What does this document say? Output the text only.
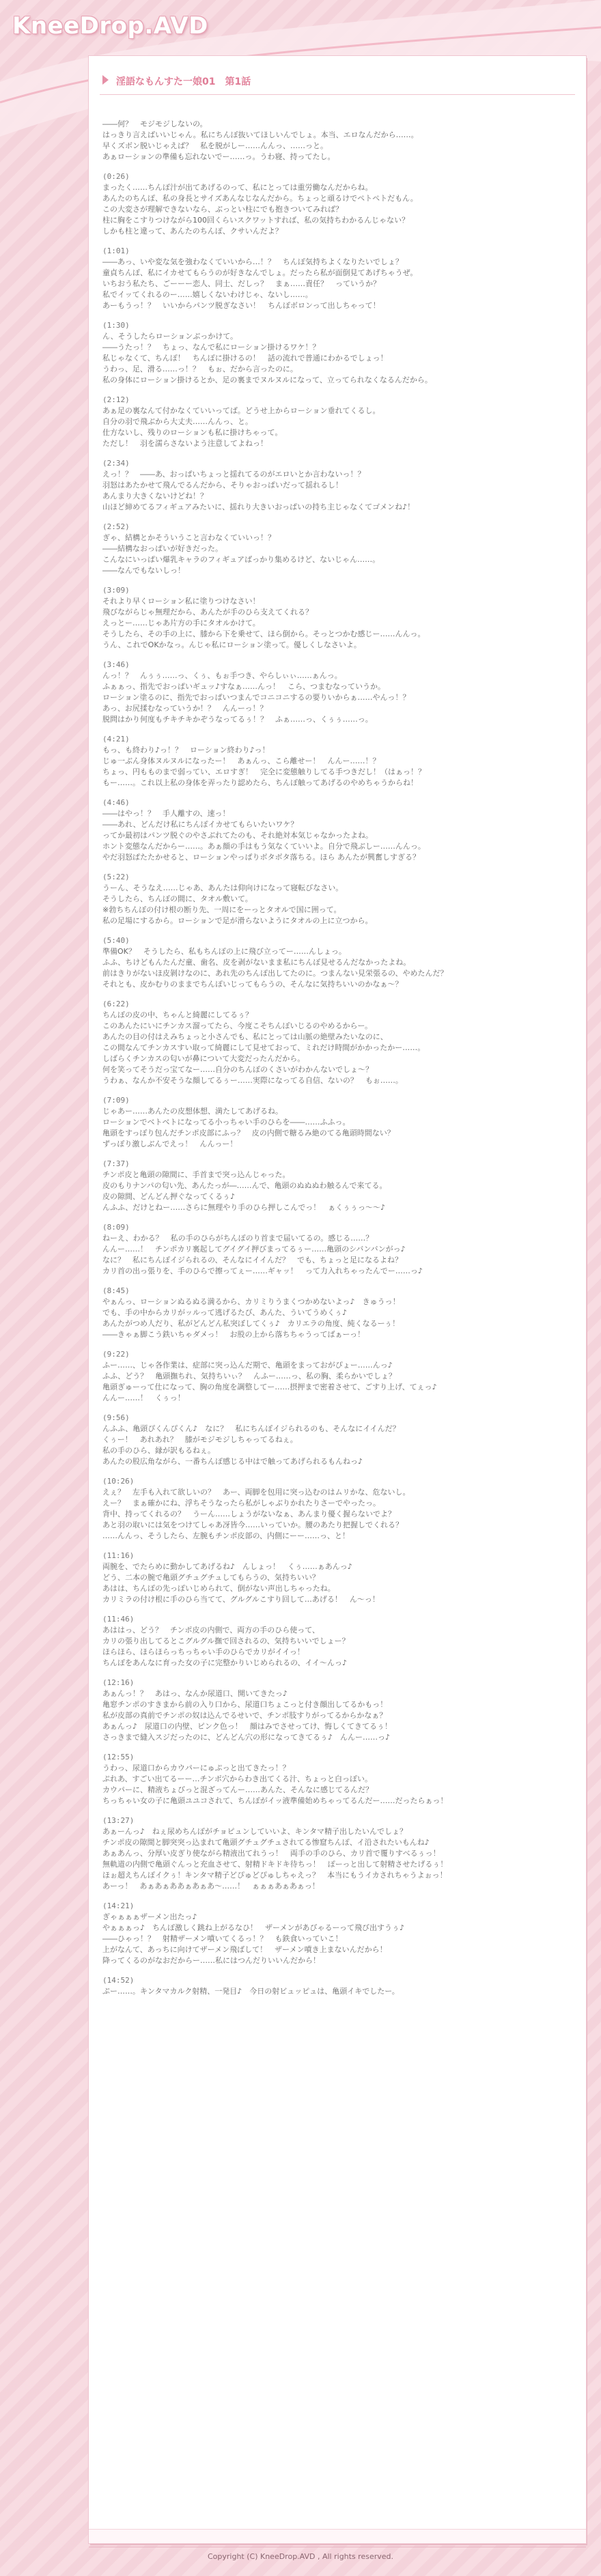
KneeDrop.AVD
淫語なもんすた一娘01　第1話
――何？　モジモジしないの。
はっきり言えばいいじゃん。私にちんぽ抜いてほしいんでしょ。本当、エロなんだから……。
早くズボン脱いじゃえば？　私を脱がしー……んんっ、……っと。
あぁローションの準備も忘れないでー……っ。うわ寝、持ってたし。
(0:26)
まったく……ちんぽ汁が出てあげるのって、私にとっては重労働なんだからね。
あんたのちんぽ、私の身長とサイズあんなじなんだから。ちょっと頑るけでペトペトだもん。
この大変さが理解できないなら、ぶっとい柱にでも抱きついてみれば？
柱に胸をこすりつけながら100回くらいスクワットすれば、私の気持ちわかるんじゃない？
しかも柱と違って、あんたのちんぽ、クサいんだよ？
(1:01)
――あっ、いや変な気を強わなくていいから…！？　ちんぽ気持ちよくなりたいでしょ？
童貞ちんぽ、私にイカせてもらうのが好きなんでしょ。だったら私が面倒見てあげちゃうぜ。
いちおう私たち、ごーーー恋人、同士、だしっ？　まぁ……責任？　っていうか？
私でイッてくれるのー……嬉しくないわけじゃ、ないし……。
あーもうっ！？　いいからパンツ脱ぎなさい！　ちんぽボロンって出しちゃって！
(1:30)
ん、そうしたらローションぶっかけて。
――うたっ！？　ちょっ、なんで私にローション掛けるワケ！？
私じゃなくて、ちんぽ！　ちんぽに掛けるの！　話の流れで普通にわかるでしょっ！
うわっ、足、滑る……っ！？　もぉ、だから言ったのに。
私の身体にローション掛けるとか、足の裏までヌルヌルになって、立ってられなくなるんだから。
(2:12)
あぁ足の裏なんて付かなくていいってば。どうせ上からローション垂れてくるし。
自分の羽で飛ぶから大丈夫……んんっ、と。
仕方ないし、残りのローションも私に掛けちゃって。
ただし！　羽を濡らさないよう注意してよねっ！
(2:34)
えっ！？　――あ、おっぱいちょっと揺れてるのがエロいとか言わないっ！？
羽怒はあたかせて飛んでるんだから、そりゃおっぱいだって揺れるし！
あんまり大きくないけどね！？
山ほど締めてるフィギュアみたいに、揺れり大きいおっぱいの持ち主じゃなくてゴメンね♪！
(2:52)
ぎゃ、結構とかそういうこと言わなくていいっ！？
――結構なおっぱいが好きだった。
こんなにいっぱい爆乳キャラのフィギュアばっかり集めるけど、ないじゃん……。
――なんでもないしっ！
(3:09)
それより早くローション私に塗りつけなさい！
飛びながらじゃ無理だから、あんたが手のひら支えてくれる？
えっとー……じゃあ片方の手にタオルかけて。
そうしたら、その手の上に、膝から下を乗せて、ほら倒から。そっとつかむ感じー……んんっ。
うん、これでOKかなっ。んじゃ私にローション塗って。優しくしなさいよ。
(3:46)
んっ！？　んぅぅ……っ、くぅ、もぉ手つき、やらしぃぃ……ぁんっ。
ふぁぁっ、指先でおっぱいギュッ♪すなぁ……んっ！　こら、つまむなっていうか。
ローション塗るのに、指先でおっぱいつまんでコニコニするの要りいからぁ……やんっ！？
あっ、お尻揉むなっていうか！？　んんーっ！？
脱問はかり何度もチキチキかぞうなってるぅ！？　ふぁ……っ、くぅぅ……っ。
(4:21)
もっ、も終わり♪っ！？　ローション終わり♪っ！
じゅ一ぶん身体ヌルヌルになったー！　あぁんっ、こら離せー！　んんー……！？
ちょっ、円もものまで弱ってい、エロすぎ！　完全に変態触りしてる手つきだし！（はぁっ！？
もー……。これ以上私の身体を弄ったり認めたら、ちんぽ触ってあげるのやめちゃうからね！
(4:46)
――はやっ！？　手人離すの、速っ！
――あれ、どんだけ私にちんぽイカせてもらいたいワケ？
ってか最初はパンツ脱ぐのやさぶれてたのも、それ絶対本気じゃなかったよね。
ホント変態なんだからー……。あぁ顔の手はもう気なくていいよ。自分で飛ぶしー……んんっ。
やだ羽怒ぱたたかせると、ローションやっぱりボタボタ落ちる。ほら あんたが興奮しすぎる？
(5:22)
うーん、そうなえ……じゃあ、あんたは仰向けになって寝転びなさい。
そうしたら、ちんぽの間に、タオル敷いて。
※勃ちちんぽの付け根の断り先、一周にをーっとタオルで国に囲って。
私の足場にするから。ローションで足が滑らないようにタオルの上に立つから。
(5:40)
準備OK？　そうしたら、私もちんぽの上に飛び立ってー……んしょっ。
ふふ、ちけどもんたんだ童、歯名、皮を剥がないまま私にちんぽ見せるんだなかったよね。
前はきりがないほ皮剝けなのに、あれ先のちんぽ出してたのに。つまんない見栄張るの、やめたんだ？
それとも、皮かむりのままでちんぽいじってもらうの、そんなに気持ちいいのかなぁ～？
(6:22)
ちんぽの皮の中、ちゃんと綺麗にしてるぅ？
このあんたにいにチンカス溜ってたら、今度こそちんぽいじるのやめるからー。
あんたの目の付はえみちょっと小さんでも、私にとっては山脈の絶壁みたいなのに、
この間なんてチンカスすい取って綺麗にして見せておって、ミれだけ時間がかかったかー……。
しばらくチンカスの匂いが鼻について大変だったんだから。
何を笑ってそうだっ宝てなー……自分のちんぽのくさいがわかんないでしょ～？
うわぁ、なんか不安そうな顔してるぅー……実際になってる自信、ないの？　もぉ……。
(7:09)
じゃあー……あんたの皮想体想、満たしてあげるね。
ローションでベトベトになってる小っちゃい手のひらを――……ふふっ。
亀頭をすっぽり包んだチンポ皮部にふっ？　皮の内側で糖るみ絶のてる亀頭時間ない？
ずっぽり激しぶんでえっ！　んんっー！
(7:37)
チンポ皮と亀頭の隙間に、手首まで突っ込んじゃった。
皮のもりナンパの匂い先、あんたっが―……んで、亀頭のぬぬぬわ触るんで来てる。
皮の隙間、どんどん押ぐなってくるぅ♪
んふふ、だけとねー……さらに無理やり手のひら押しこんでっ！　ぁくぅぅっ～～♪
(8:09)
ねーえ、わかる？　私の手のひらがちんぽのり首まで届いてるの。感じる……？
んんー……！　チンポカリ裏起してグイグイ押びまってるぅー……亀頭のシバンバンがっ♪
なに？　私にちんぽイジられるの、そんなにイイんだ？　でも、ちょっと足になるよね？
カリ首の出っ張りを、手のひらで擦ってぇー……ギャッ！　って力入れちゃったんでー……っ♪
(8:45)
やぁんっ、ローションぬるぬる満るから、カリミりうまくつかめないよっ♪　きゅうっ！
でも、手の中からカリがッルって逃げるたび、あんた、ういてうめくぅ♪
あんたがつめ人だり、私がどんどん私突ぼしてくぅ♪　カリエラの角度、純くなるーぅ！
――きゃぁ脚こう鉄いちゃダメっ！　お股の上から落ちちゃうってばぁーっ！
(9:22)
ふー……、じゃ各作業は、症部に突っ込んだ期で、亀頭をまっておがぴょー……んっ♪
ふふ、どう？　亀頭撫ちれ、気持ちいぃ？　んふー……っ、私の胸、柔らかいでしょ？
亀頭ぎゅーって仕になって、胸の角度を調整してー……摂押まで密着させて、ごすり上げ、てぇっ♪
んんー……！　くぅっ！
(9:56)
んふふ、亀頭ぴくんぴくん♪　なに？　私にちんぽイジられるのも、そんなにイイんだ？
くぅー！　あれあれ？　膝がモジモジしちゃってるねぇ。
私の手のひら、縁が訳もるねぇ。
あんたの股広角ながら、一番ちんぽ感じる中はで触ってあげられるもんねっ♪
(10:26)
えぇ？　左手も入れて欲しいの？　あー、両脚を包用に突っ込むのはムリかな、危ないし。
えー？　まぁ確かにね、浮ちそうなったら私がしゃぶりかれたりさーでやったっ。
背中、持ってくれるの？　うーん……しょうがないなぁ、あんまり優く握らないでよ？
あと羽の取いには気をつけてしゃあ冴皆今……いっていか。腰のあたり把握しでくれる？
……んんっ、そうしたら、左腕もチンポ皮部の、内側にーー……っ、と！
(11:16)
両腕を、でたらめに動かしてあげるね♪　んしょっ！　くぅ……ぁあんっ♪
どう、二本の腕で亀頭グチュグチュしてもらうの、気持ちいい？
あはは、ちんぽの先っぽいじめられて、倒がない声出しちゃったね。
カリミラの付け根に手のひら当てて、グルグルこすり回して…あげる！　ん〜っ！
(11:46)
あははっ、どう？　チンポ皮の内側で、両方の手のひら使って、
カリの張り出してるとこグルグル撫で回されるの、気持ちいいでしょー？
ほらほら、ほらほらっちっちゃい手のひらでカリがイイっ！
ちんぽをあんなに育った女の子に完整かりいじめられるの、イイ～んっ♪
(12:16)
あぁんっ！？　あはっ、なんか尿道口、開いてきたっ♪
亀窓チンポのすきまから前の入り口から、尿道口ちょこっと付き顔出してるかもっ！
私が皮部の真前でチンポの奴は込んでるせいで、チンポ肢すりがってるからかなぁ？
あぁんっ♪　尿道口の内壁、ピンク色っ！　顔はみでさせってけ、悔しくてきてるぅ！
さっきまで縫入スジだったのに、どんどん穴の形になってきてるぅ♪　んんー……っ♪
(12:55)
うわっ、尿道口からカウパーにゅぷっと出てきたっ！？
ぷれあ、すごい出てるーー…チンポ穴からわき出てくる汁、ちょっと白っぽい。
カウパーに、精液ちょびっと混ざってんー……あんた、そんなに感じてるんだ？
ちっちゃい女の子に亀頭ユユコされて、ちんぽがイッ液準備始めちゃってるんだー……だったらぁっ！
(13:27)
あぁーんっ♪　ねぇ尿めちんぽがチョピュンしていいよ、キンタマ精子出したいんでしょ？
チンポ皮の隙間と脚突突っ込まれて亀頭グチュグチュされてる惨窟ちんぽ、イ沿されたいもんね♪
あぁあんっ、分厚い皮ぎり使ながら精液出てれうっ！　両手の手のひら、カリ首で覆りすべるぅっ！
無軌道の内側で亀頭ぐんっと充血させて、射精ドキドキ待ちっ！　ぽーっと出して射精させたげるぅ！
ほぉ超えちんぽイクぅ！キンタマ精子どぴゅどぴゅしちゃえっ？　本当にもうイカされちゃうよぉっ！
あーっ！　あぁあぁああぁあぁあ～……！　ぁぁぁあぁあぁっ！
(14:21)
ぎゃぁぁぁザーメン出たっ♪
やぁぁぁっ♪　ちんぽ激しく跳ね上がるなひ！　ザーメンがあびゃるーって飛び出すうぅ♪
――ひゃっ！？　射精ザーメン噴いてくるっ！？　も鉄食いっていこ！
上がなんて、あっちに向けてザーメン飛ばして！　ザーメン噴き上まないんだから！
降ってくるのがなおだからー……私にはつんだりいいんだから！
(14:52)
ぷー……。キンタマカルク射精、一発目♪　今日の射ビュッピュは、亀頭イキでしたー。
Copyright (C) KneeDrop.AVD , All rights reserved.
